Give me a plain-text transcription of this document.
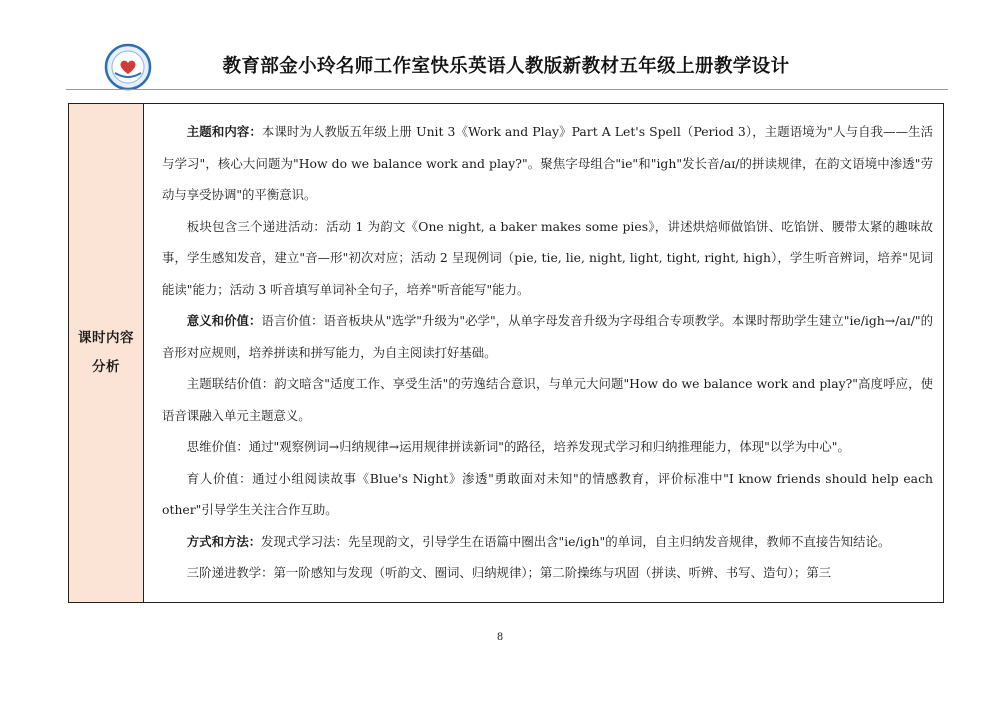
教育部金小玲名师工作室快乐英语人教版新教材五年级上册教学设计
课时内容
分析

主题和内容：本课时为人教版五年级上册 Unit 3《Work and Play》Part A Let's Spell（Period 3），主题语境为"人与自我——生活与学习"，核心大问题为"How do we balance work and play?"。聚焦字母组合"ie"和"igh"发长音/aɪ/的拼读规律，在韵文语境中渗透"劳动与享受协调"的平衡意识。

板块包含三个递进活动：活动 1 为韵文《One night, a baker makes some pies》，讲述烘焙师做馅饼、吃馅饼、腰带太紧的趣味故事，学生感知发音，建立"音—形"初次对应；活动 2 呈现例词（pie, tie, lie, night, light, tight, right, high），学生听音辨词，培养"见词能读"能力；活动 3 听音填写单词补全句子，培养"听音能写"能力。

意义和价值：语言价值：语音板块从"选学"升级为"必学"，从单字母发音升级为字母组合专项教学。本课时帮助学生建立"ie/igh→/aɪ/"的音形对应规则，培养拼读和拼写能力，为自主阅读打好基础。

主题联结价值：韵文暗含"适度工作、享受生活"的劳逸结合意识，与单元大问题"How do we balance work and play?"高度呼应，使语音课融入单元主题意义。

思维价值：通过"观察例词→归纳规律→运用规律拼读新词"的路径，培养发现式学习和归纳推理能力，体现"以学为中心"。

育人价值：通过小组阅读故事《Blue's Night》渗透"勇敢面对未知"的情感教育，评价标准中"I know friends should help each other"引导学生关注合作互助。

方式和方法：发现式学习法：先呈现韵文，引导学生在语篇中圈出含"ie/igh"的单词，自主归纳发音规律，教师不直接告知结论。

三阶递进教学：第一阶感知与发现（听韵文、圈词、归纳规律）；第二阶操练与巩固（拼读、听辨、书写、造句）；第三

8
